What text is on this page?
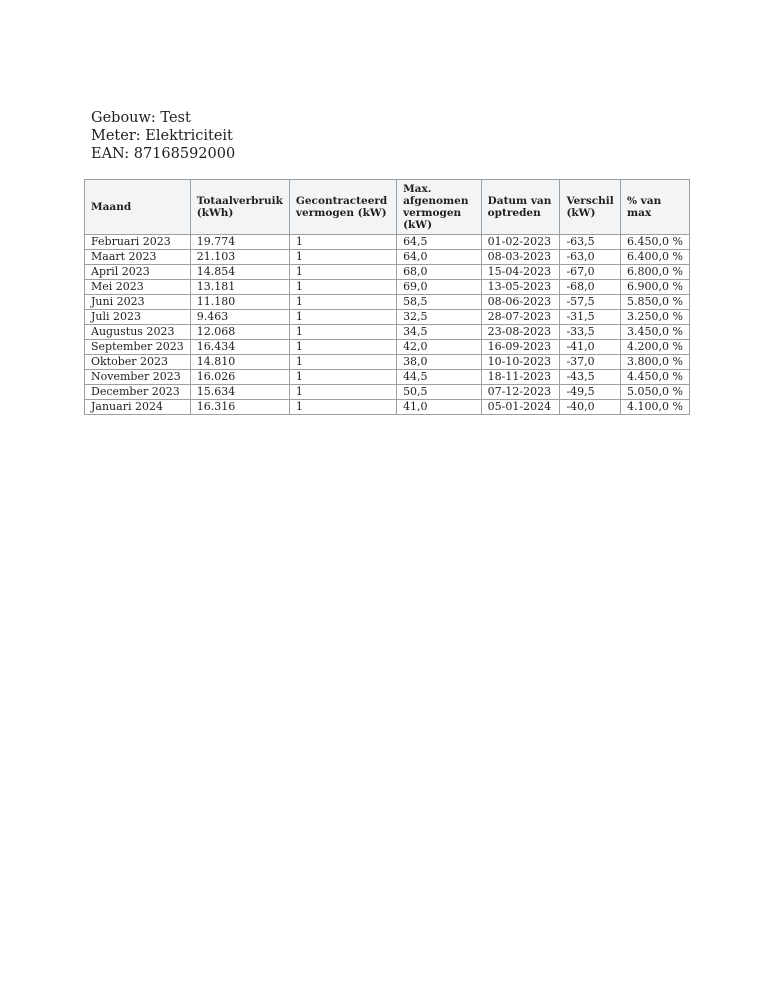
Gebouw: Test
Meter: Elektriciteit
EAN: 87168592000
Maand	Totaalverbruik (kWh)	Gecontracteerd vermogen (kW)	Max. afgenomen vermogen (kW)	Datum van optreden	Verschil (kW)	% van max
Februari 2023	19.774	1	64,5	01-02-2023	-63,5	6.450,0 %
Maart 2023	21.103	1	64,0	08-03-2023	-63,0	6.400,0 %
April 2023	14.854	1	68,0	15-04-2023	-67,0	6.800,0 %
Mei 2023	13.181	1	69,0	13-05-2023	-68,0	6.900,0 %
Juni 2023	11.180	1	58,5	08-06-2023	-57,5	5.850,0 %
Juli 2023	9.463	1	32,5	28-07-2023	-31,5	3.250,0 %
Augustus 2023	12.068	1	34,5	23-08-2023	-33,5	3.450,0 %
September 2023	16.434	1	42,0	16-09-2023	-41,0	4.200,0 %
Oktober 2023	14.810	1	38,0	10-10-2023	-37,0	3.800,0 %
November 2023	16.026	1	44,5	18-11-2023	-43,5	4.450,0 %
December 2023	15.634	1	50,5	07-12-2023	-49,5	5.050,0 %
Januari 2024	16.316	1	41,0	05-01-2024	-40,0	4.100,0 %
